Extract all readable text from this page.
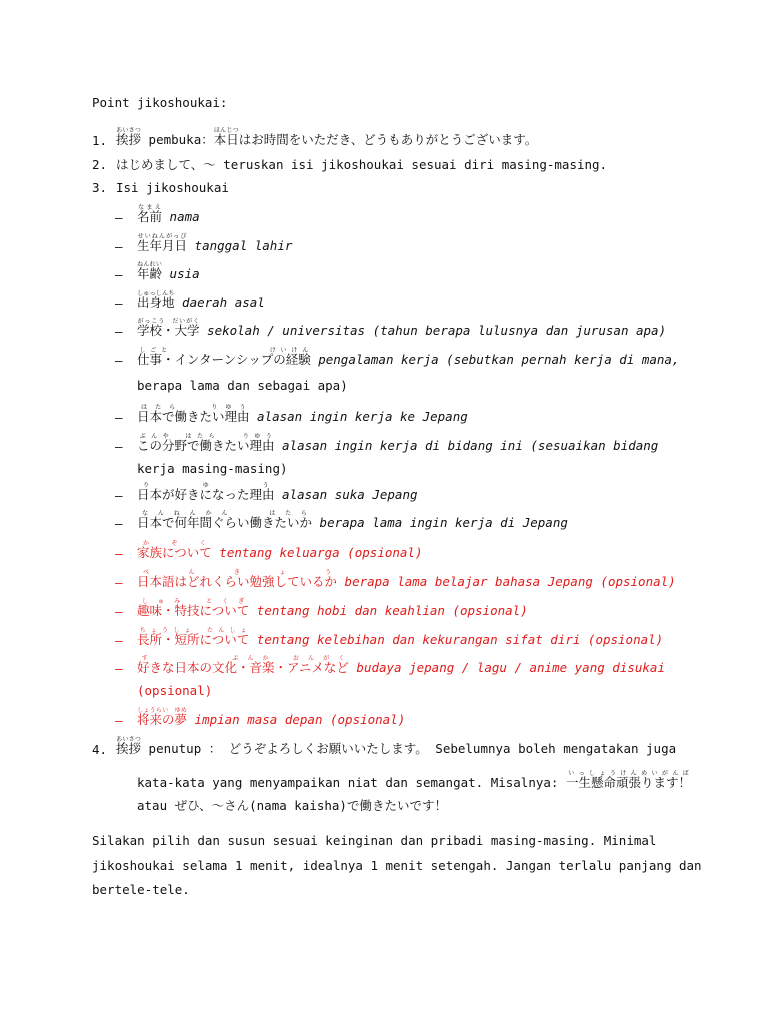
Point jikoshoukai:
1. 挨拶あいさつ pembuka：本日ほんじつはお時間をいただき、どうもありがとうございます。
2. はじめまして、～ teruskan isi jikoshoukai sesuai diri masing-masing.
3. Isi jikoshoukai
– 名前なまえ nama
– 生年月日せいねんがっぴ tanggal lahir
– 年齢ねんれい usia
– 出身地しゅっしんち daerah asal
– 学校・大学がっこう　だいがく sekolah / universitas (tahun berapa lulusnya dan jurusan apa)
– 仕事・インターンシップの経験しごと　　　　　　　　　けいけん pengalaman kerja (sebutkan pernah kerja di mana,
berapa lama dan sebagai apa)
– 日本で働きたい理由はたら　　りゆう alasan ingin kerja ke Jepang
– この分野で働きたい理由ぶんや　はたら　　りゆう alasan ingin kerja di bidang ini (sesuaikan bidang
kerja masing-masing)
– 日本が好きになった理由りゆう alasan suka Jepang
– 日本で何年間ぐらい働きたいかなんねんかん　　はたら berapa lama ingin kerja di Jepang
– 家族についてかぞく tentang keluarga (opsional)
– 日本語はどれくらい勉強しているかべんきょう berapa lama belajar bahasa Jepang (opsional)
– 趣味・特技についてしゅみ　とくぎ tentang hobi dan keahlian (opsional)
– 長所・短所についてちょうしょ　たんしょ tentang kelebihan dan kekurangan sifat diri (opsional)
– 好きな日本の文化・音楽・アニメなどす　　　　　ぶんか　おんがく budaya jepang / lagu / anime yang disukai
(opsional)
– 将来の夢しょうらい　ゆめ impian masa depan (opsional)
4. 挨拶あいさつ penutup ： どうぞよろしくお願いいたします。 Sebelumnya boleh mengatakan juga
kata-kata yang menyampaikan niat dan semangat. Misalnya: 一生懸命頑張ります！いっしょうけんめいがんば
atau ぜひ、～さん(nama kaisha)で働きたいです！
Silakan pilih dan susun sesuai keinginan dan pribadi masing-masing. Minimal
jikoshoukai selama 1 menit, idealnya 1 menit setengah. Jangan terlalu panjang dan
bertele-tele.
